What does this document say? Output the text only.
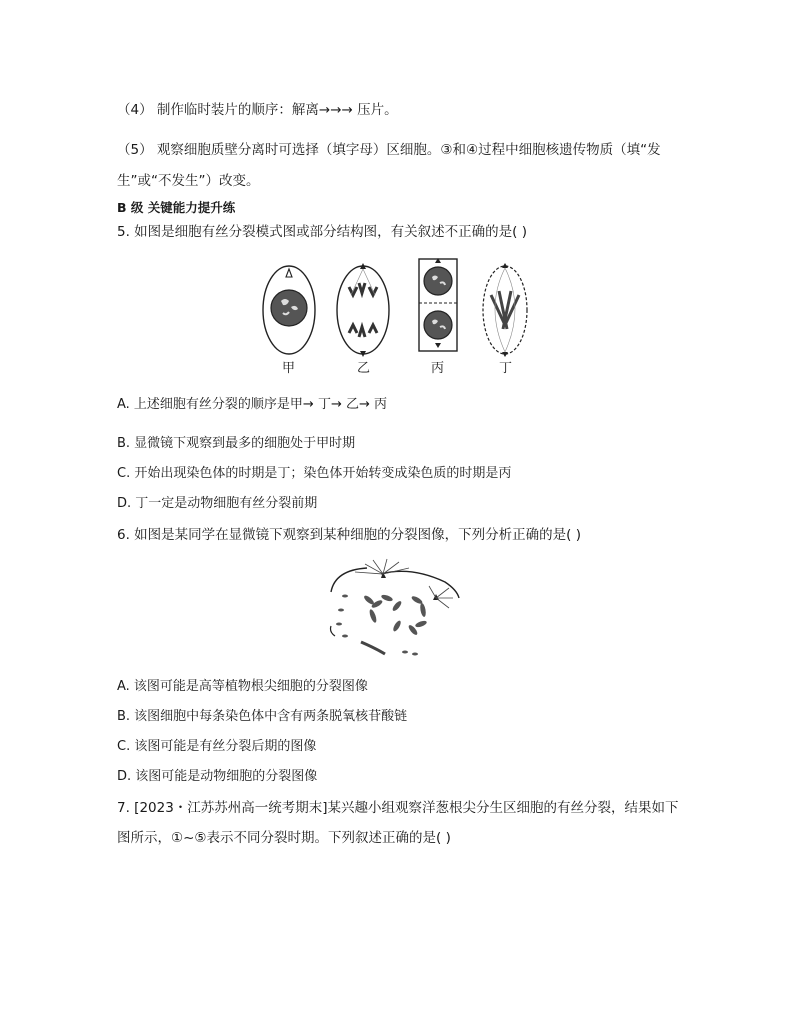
（4） 制作临时装片的顺序：解离→→→ 压片。
（5） 观察细胞质壁分离时可选择（填字母）区细胞。③和④过程中细胞核遗传物质（填“发
生”或“不发生”）改变。
B 级 关键能力提升练
5. 如图是细胞有丝分裂模式图或部分结构图，有关叙述不正确的是( )
甲	乙	丙	丁
A. 上述细胞有丝分裂的顺序是甲→ 丁→ 乙→ 丙
B. 显微镜下观察到最多的细胞处于甲时期
C. 开始出现染色体的时期是丁；染色体开始转变成染色质的时期是丙
D. 丁一定是动物细胞有丝分裂前期
6. 如图是某同学在显微镜下观察到某种细胞的分裂图像，下列分析正确的是( )
A. 该图可能是高等植物根尖细胞的分裂图像
B. 该图细胞中每条染色体中含有两条脱氧核苷酸链
C. 该图可能是有丝分裂后期的图像
D. 该图可能是动物细胞的分裂图像
7. [2023・江苏苏州高一统考期末]某兴趣小组观察洋葱根尖分生区细胞的有丝分裂，结果如下
图所示，①~⑤表示不同分裂时期。下列叙述正确的是( )
